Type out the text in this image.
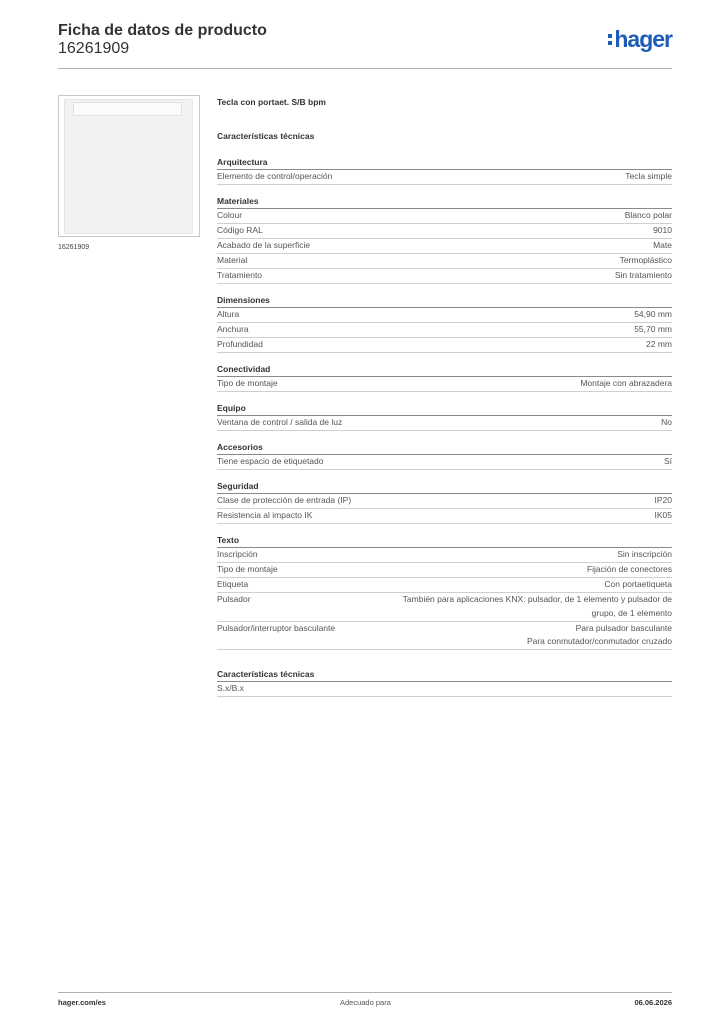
Ficha de datos de producto
16261909	hager
16261909
Tecla con portaet. S/B bpm
Características técnicas
Arquitectura
Elemento de control/operación	Tecla simple
Materiales
Colour	Blanco polar
Código RAL	9010
Acabado de la superficie	Mate
Material	Termoplástico
Tratamiento	Sin tratamiento
Dimensiones
Altura	54,90 mm
Anchura	55,70 mm
Profundidad	22 mm
Conectividad
Tipo de montaje	Montaje con abrazadera
Equipo
Ventana de control / salida de luz	No
Accesorios
Tiene espacio de etiquetado	Sí
Seguridad
Clase de protección de entrada (IP)	IP20
Resistencia al impacto IK	IK05
Texto
Inscripción	Sin inscripción
Tipo de montaje	Fijación de conectores
Etiqueta	Con portaetiqueta
Pulsador	También para aplicaciones KNX: pulsador, de 1 elemento y pulsador de
grupo, de 1 elemento
Pulsador/interruptor basculante	Para pulsador basculante
Para conmutador/conmutador cruzado
Características técnicas
S.x/B.x
hager.com/es	Adecuado para	06.06.2026
